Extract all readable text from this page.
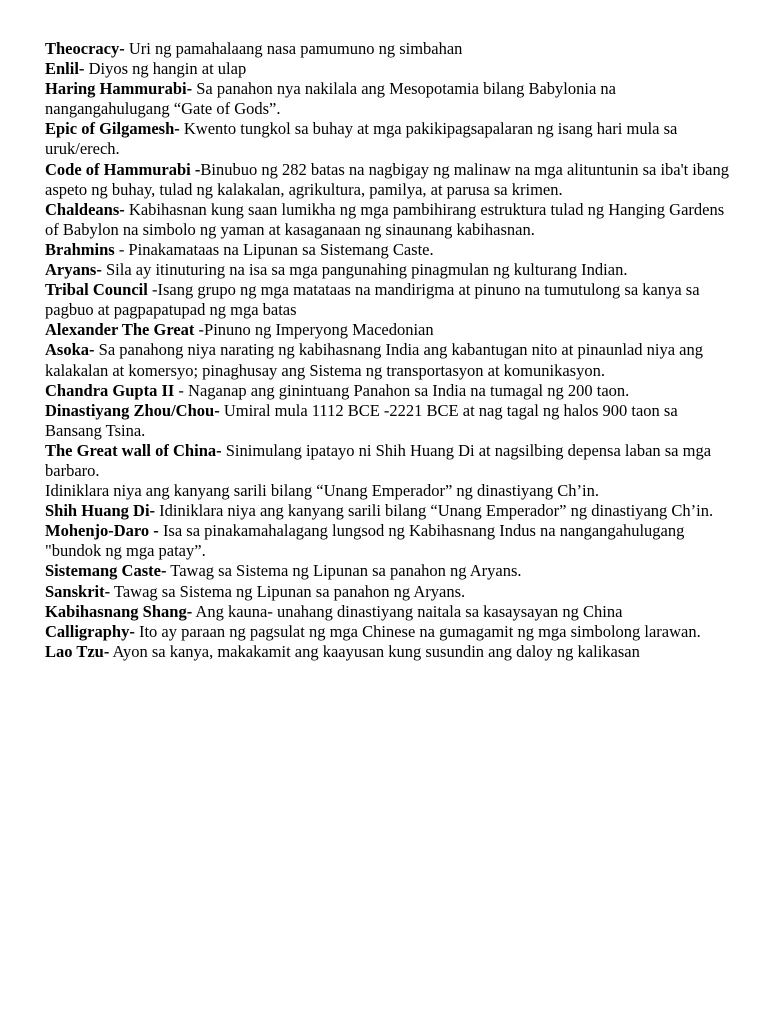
Theocracy- Uri ng pamahalaang nasa pamumuno ng simbahan

Enlil- Diyos ng hangin at ulap

Haring Hammurabi- Sa panahon nya nakilala ang Mesopotamia bilang Babylonia na nangangahulugang “Gate of Gods”.

Epic of Gilgamesh- Kwento tungkol sa buhay at mga pakikipagsapalaran ng isang hari mula sa uruk/erech.

Code of Hammurabi -Binubuo ng 282 batas na nagbigay ng malinaw na mga alituntunin sa iba't ibang aspeto ng buhay, tulad ng kalakalan, agrikultura, pamilya, at parusa sa krimen.

Chaldeans- Kabihasnan kung saan lumikha ng mga pambihirang estruktura tulad ng Hanging Gardens of Babylon na simbolo ng yaman at kasaganaan ng sinaunang kabihasnan.

Brahmins - Pinakamataas na Lipunan sa Sistemang Caste.

Aryans- Sila ay itinuturing na isa sa mga pangunahing pinagmulan ng kulturang Indian.

Tribal Council -Isang grupo ng mga matataas na mandirigma at pinuno na tumutulong sa kanya sa pagbuo at pagpapatupad ng mga batas

Alexander The Great -Pinuno ng Imperyong Macedonian

Asoka- Sa panahong niya narating ng kabihasnang India ang kabantugan nito at pinaunlad niya ang kalakalan at komersyo; pinaghusay ang Sistema ng transportasyon at komunikasyon.

Chandra Gupta II - Naganap ang ginintuang Panahon sa India na tumagal ng 200 taon.

Dinastiyang Zhou/Chou- Umiral mula 1112 BCE -2221 BCE at nag tagal ng halos 900 taon sa Bansang Tsina.

The Great wall of China- Sinimulang ipatayo ni Shih Huang Di at nagsilbing depensa laban sa mga barbaro.

Idiniklara niya ang kanyang sarili bilang “Unang Emperador” ng dinastiyang Ch’in.

Shih Huang Di- Idiniklara niya ang kanyang sarili bilang “Unang Emperador” ng dinastiyang Ch’in.

Mohenjo-Daro - Isa sa pinakamahalagang lungsod ng Kabihasnang Indus na nangangahulugang "bundok ng mga patay”.

Sistemang Caste- Tawag sa Sistema ng Lipunan sa panahon ng Aryans.

Sanskrit- Tawag sa Sistema ng Lipunan sa panahon ng Aryans.

Kabihasnang Shang- Ang kauna- unahang dinastiyang naitala sa kasaysayan ng China

Calligraphy- Ito ay paraan ng pagsulat ng mga Chinese na gumagamit ng mga simbolong larawan.

Lao Tzu- Ayon sa kanya, makakamit ang kaayusan kung susundin ang daloy ng kalikasan
